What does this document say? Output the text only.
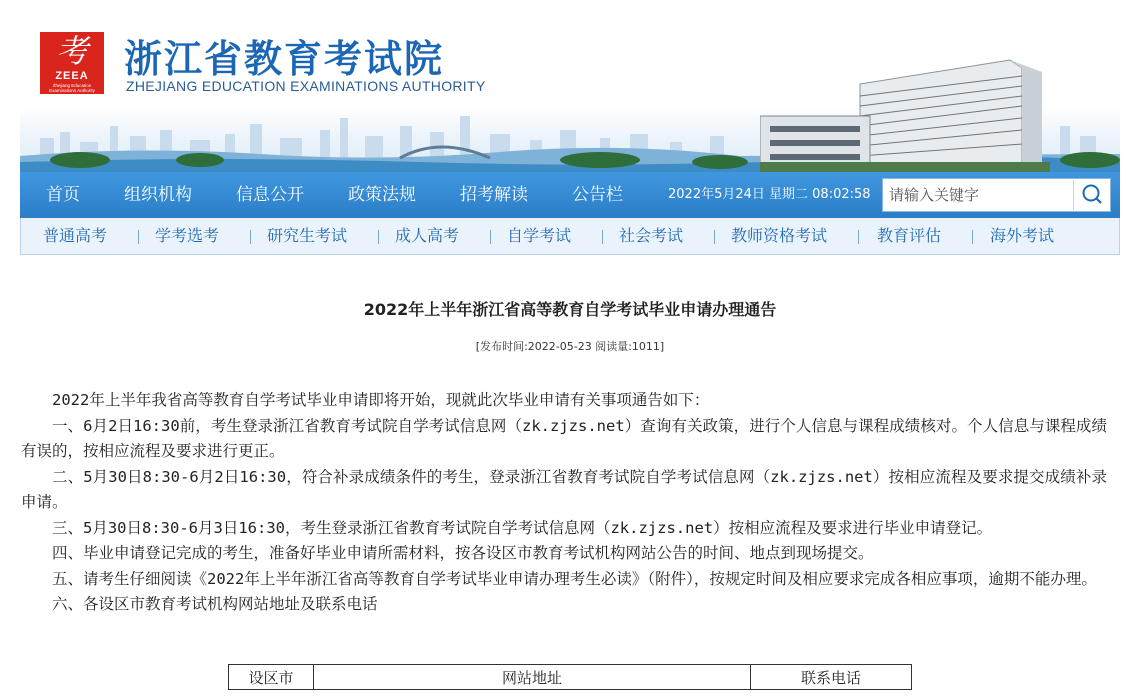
考
ZEEA
Zhejiang Education Examinations Authority
浙江省教育考试院
ZHEJIANG EDUCATION EXAMINATIONS AUTHORITY
首页	组织机构	信息公开	政策法规	招考解读	公告栏	2022年5月24日 星期二 08:02:58
请输入关键字
普通高考	学考选考	研究生考试	成人高考	自学考试	社会考试	教师资格考试	教育评估	海外考试
2022年上半年浙江省高等教育自学考试毕业申请办理通告
[发布时间:2022-05-23 阅读量:1011]

2022年上半年我省高等教育自学考试毕业申请即将开始，现就此次毕业申请有关事项通告如下：

一、6月2日16:30前，考生登录浙江省教育考试院自学考试信息网（zk.zjzs.net）查询有关政策，进行个人信息与课程成绩核对。个人信息与课程成绩有误的，按相应流程及要求进行更正。

二、5月30日8:30-6月2日16:30，符合补录成绩条件的考生，登录浙江省教育考试院自学考试信息网（zk.zjzs.net）按相应流程及要求提交成绩补录申请。

三、5月30日8:30-6月3日16:30，考生登录浙江省教育考试院自学考试信息网（zk.zjzs.net）按相应流程及要求进行毕业申请登记。

四、毕业申请登记完成的考生，准备好毕业申请所需材料，按各设区市教育考试机构网站公告的时间、地点到现场提交。

五、请考生仔细阅读《2022年上半年浙江省高等教育自学考试毕业申请办理考生必读》（附件），按规定时间及相应要求完成各相应事项，逾期不能办理。

六、各设区市教育考试机构网站地址及联系电话

设区市	网站地址	联系电话
